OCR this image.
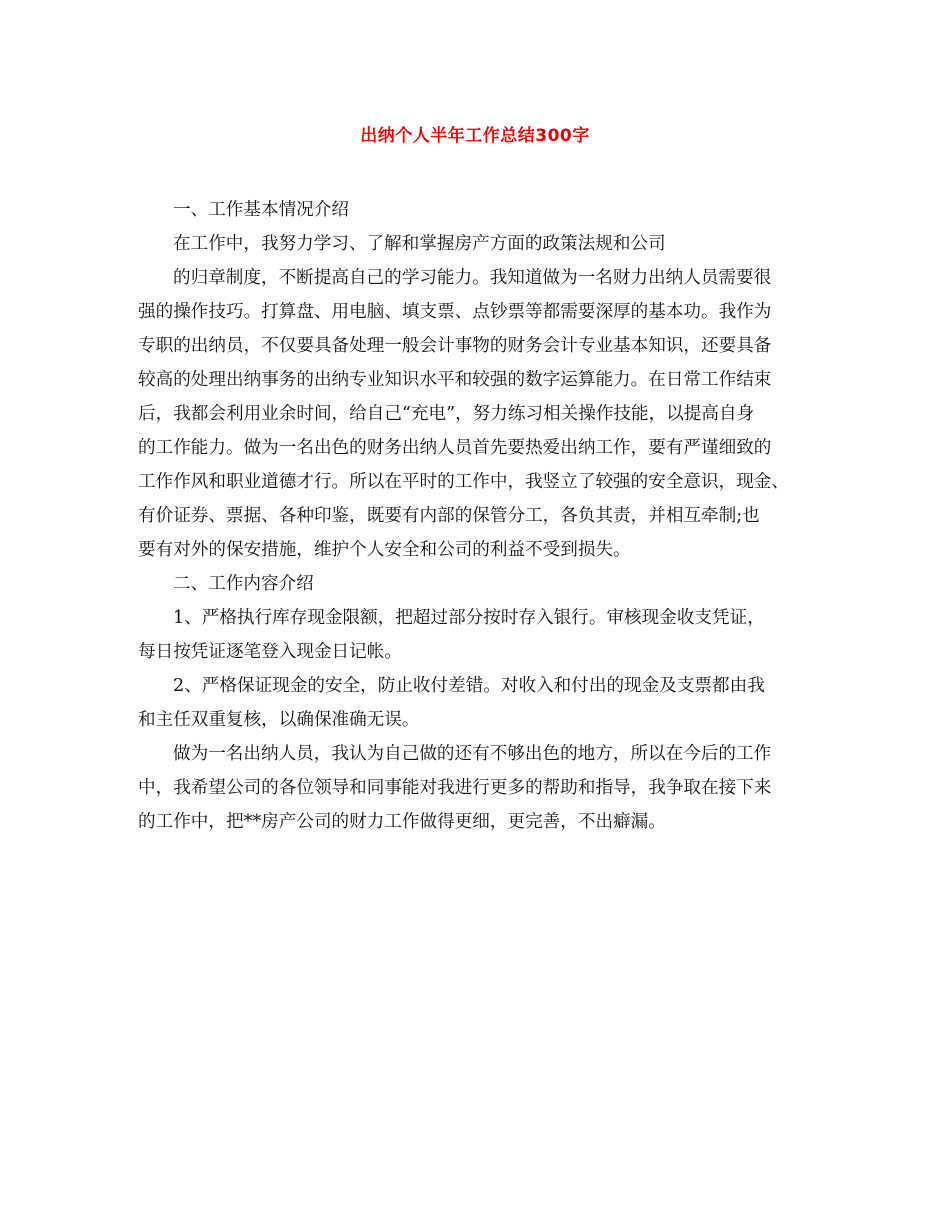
出纳个人半年工作总结300字
一、工作基本情况介绍
在工作中，我努力学习、了解和掌握房产方面的政策法规和公司
的归章制度，不断提高自己的学习能力。我知道做为一名财力出纳人员需要很
强的操作技巧。打算盘、用电脑、填支票、点钞票等都需要深厚的基本功。我作为
专职的出纳员，不仅要具备处理一般会计事物的财务会计专业基本知识，还要具备
较高的处理出纳事务的出纳专业知识水平和较强的数字运算能力。在日常工作结束
后，我都会利用业余时间，给自己“充电”，努力练习相关操作技能，以提高自身
的工作能力。做为一名出色的财务出纳人员首先要热爱出纳工作，要有严谨细致的
工作作风和职业道德才行。所以在平时的工作中，我竖立了较强的安全意识，现金、
有价证券、票据、各种印鉴，既要有内部的保管分工，各负其责，并相互牵制;也
要有对外的保安措施，维护个人安全和公司的利益不受到损失。
二、工作内容介绍
1、严格执行库存现金限额，把超过部分按时存入银行。审核现金收支凭证，
每日按凭证逐笔登入现金日记帐。
2、严格保证现金的安全，防止收付差错。对收入和付出的现金及支票都由我
和主任双重复核，以确保准确无误。
做为一名出纳人员，我认为自己做的还有不够出色的地方，所以在今后的工作
中，我希望公司的各位领导和同事能对我进行更多的帮助和指导，我争取在接下来
的工作中，把**房产公司的财力工作做得更细，更完善，不出癖漏。
